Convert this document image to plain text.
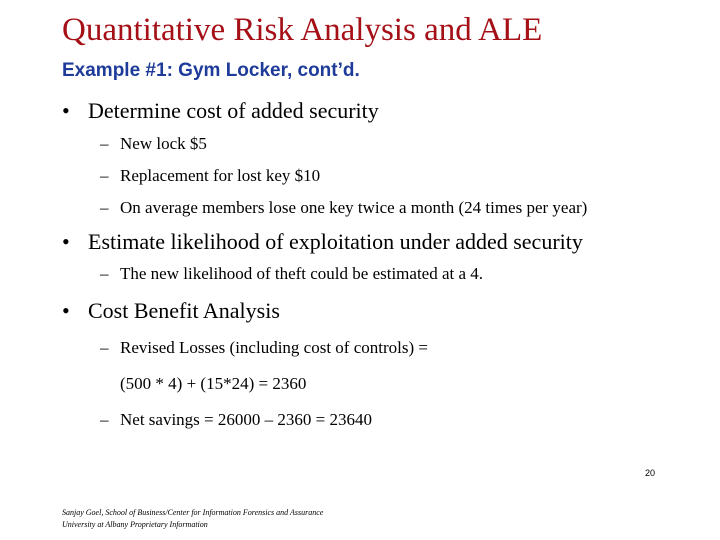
Quantitative Risk Analysis and ALE
Example #1: Gym Locker, cont’d.
• Determine cost of added security
– New lock $5
– Replacement for lost key $10
– On average members lose one key twice a month (24 times per year)
• Estimate likelihood of exploitation under added security
– The new likelihood of theft could be estimated at a 4.
• Cost Benefit Analysis
– Revised Losses (including cost of controls) =
(500 * 4) + (15*24) = 2360
– Net savings = 26000 – 2360 = 23640
Sanjay Goel, School of Business/Center for Information Forensics and Assurance
University at Albany Proprietary Information
20
